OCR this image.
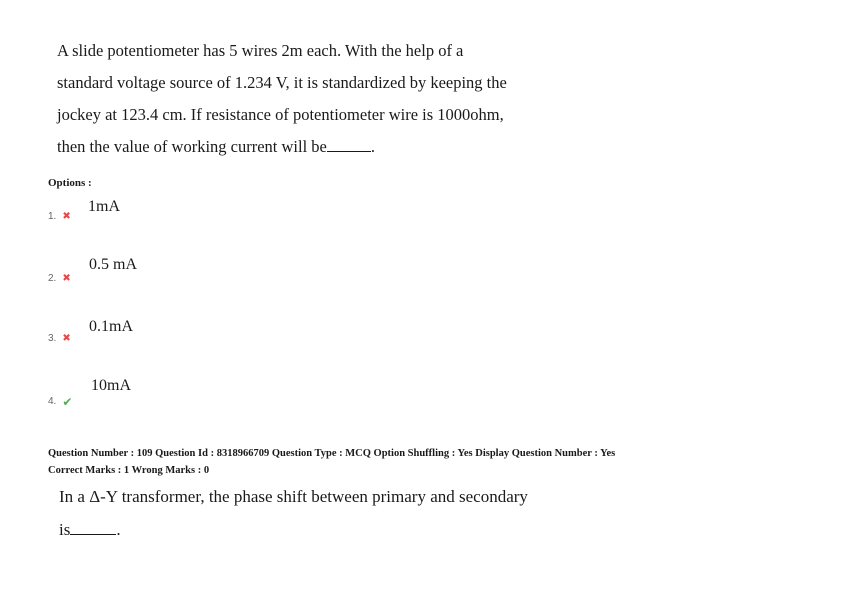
A slide potentiometer has 5 wires 2m each. With the help of a
standard voltage source of 1.234 V, it is standardized by keeping the
jockey at 123.4 cm. If resistance of potentiometer wire is 1000ohm,
then the value of working current will be	.
Options :
1mA
1. ✖
0.5 mA
2. ✖
0.1mA
3. ✖
10mA
4. ✔
Question Number : 109 Question Id : 8318966709 Question Type : MCQ Option Shuffling : Yes Display Question Number : Yes
Correct Marks : 1 Wrong Marks : 0
In a Δ-Y transformer, the phase shift between primary and secondary
is	.
